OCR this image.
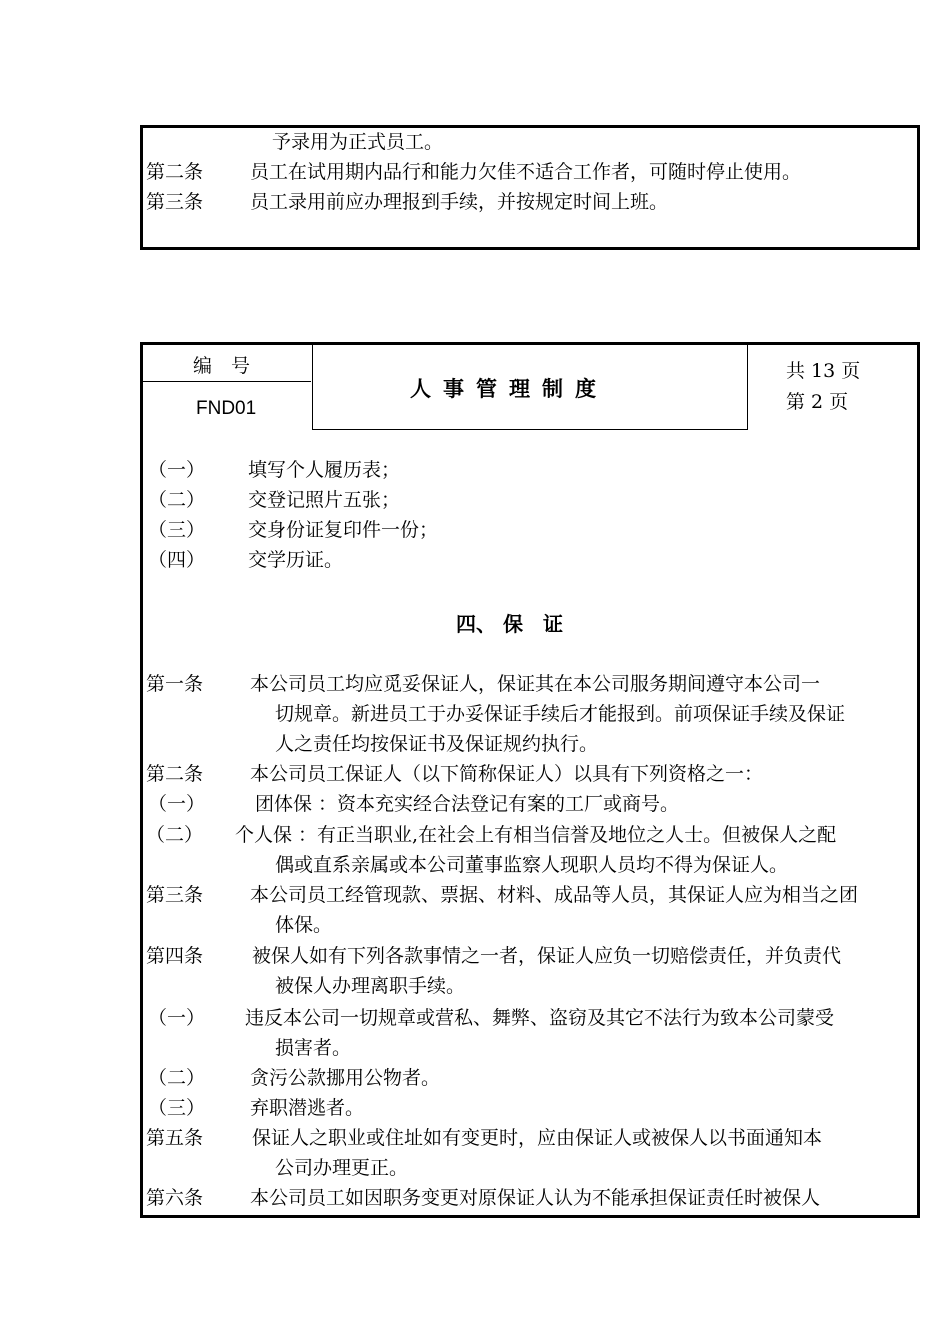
予录用为正式员工。
第二条 员工在试用期内品行和能力欠佳不适合工作者，可随时停止使用。
第三条 员工录用前应办理报到手续，并按规定时间上班。
编　号
FND01
人事管理制度
共 13 页
第 2 页
（一） 填写个人履历表；
（二） 交登记照片五张；
（三） 交身份证复印件一份；
（四） 交学历证。
四、 保　证
第一条 本公司员工均应觅妥保证人，保证其在本公司服务期间遵守本公司一
切规章。新进员工于办妥保证手续后才能报到。前项保证手续及保证
人之责任均按保证书及保证规约执行。
第二条 本公司员工保证人（以下简称保证人）以具有下列资格之一：
（一）	团体保 ：资本充实经合法登记有案的工厂或商号。
（二） 个人保 ：有正当职业,在社会上有相当信誉及地位之人士。但被保人之配
偶或直系亲属或本公司董事监察人现职人员均不得为保证人。
第三条 本公司员工经管现款、票据、材料、成品等人员，其保证人应为相当之团
体保。
第四条	被保人如有下列各款事情之一者，保证人应负一切赔偿责任，并负责代
被保人办理离职手续。
（一） 违反本公司一切规章或营私、舞弊、盗窃及其它不法行为致本公司蒙受
损害者。
（二） 贪污公款挪用公物者。
（三） 弃职潜逃者。
第五条	保证人之职业或住址如有变更时，应由保证人或被保人以书面通知本
公司办理更正。
第六条 本公司员工如因职务变更对原保证人认为不能承担保证责任时被保人
